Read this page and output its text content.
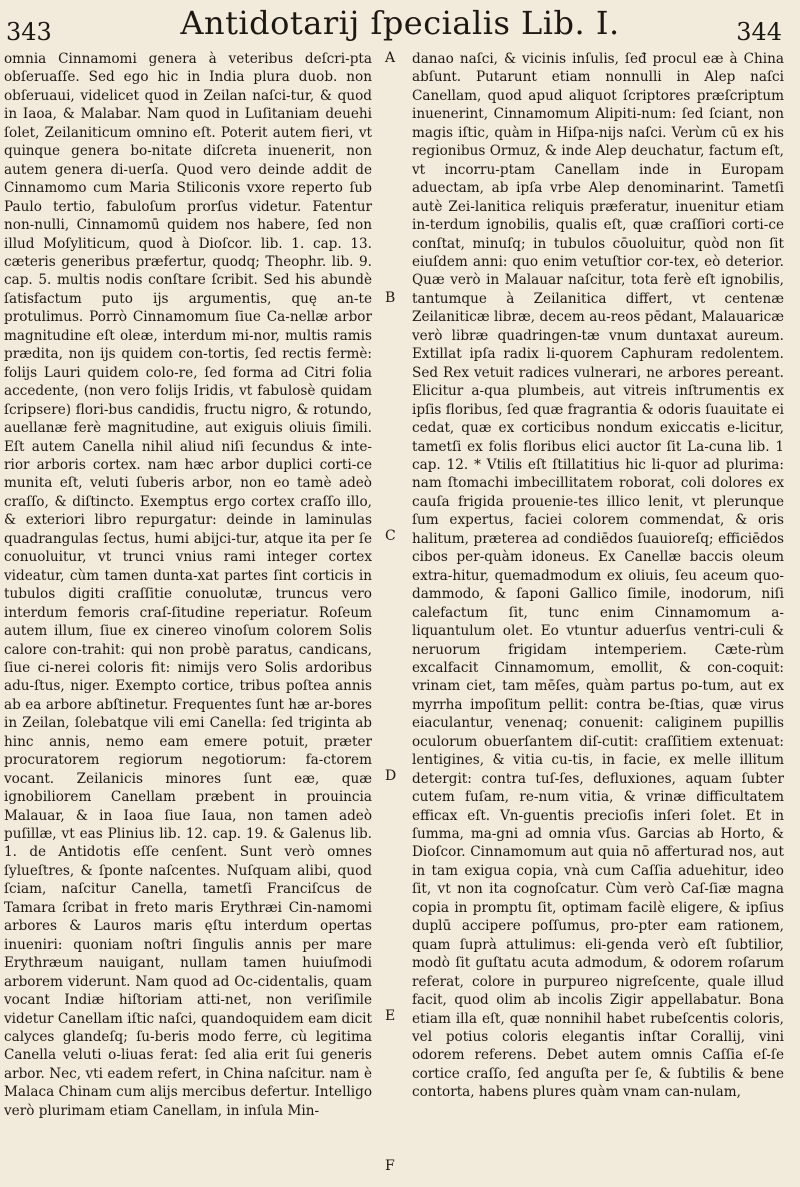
343	Antidotarij ſpecialis Lib. I.	344

omnia Cinnamomi genera à veteribus deſcri-pta obſeruaſſe. Sed ego hic in India plura duob. non obſeruaui, videlicet quod in Zeilan naſci-tur, & quod in Iaoa, & Malabar. Nam quod in Luſitaniam deuehi ſolet, Zeilaniticum omnino eſt. Poterit autem fieri, vt quinque genera bo-nitate diſcreta inuenerit, non autem genera di-uerſa. Quod vero deinde addit de Cinnamomo cum Maria Stiliconis vxore reperto ſub Paulo tertio, fabuloſum prorſus videtur. Fatentur non-nulli, Cinnamomū quidem nos habere, ſed non illud Moſyliticum, quod à Dioſcor. lib. 1. cap. 13. cæteris generibus præfertur, quodq; Theophr. lib. 9. cap. 5. multis nodis conſtare ſcribit. Sed his abundè ſatisfactum puto ijs argumentis, quę an-te protulimus. Porrò Cinnamomum ſiue Ca-nellæ arbor magnitudine eſt oleæ, interdum mi-nor, multis ramis prædita, non ijs quidem con-tortis, ſed rectis fermè: folijs Lauri quidem colo-re, ſed forma ad Citri folia accedente, (non vero folijs Iridis, vt fabulosè quidam ſcripsere) flori-bus candidis, fructu nigro, & rotundo, auellanæ ferè magnitudine, aut exiguis oliuis ſimili. Eſt autem Canella nihil aliud niſi ſecundus & inte-rior arboris cortex. nam hæc arbor duplici corti-ce munita eſt, veluti ſuberis arbor, non eo tamè adeò craſſo, & diſtincto. Exemptus ergo cortex craſſo illo, & exteriori libro repurgatur: deinde in laminulas quadrangulas ſectus, humi abijci-tur, atque ita per ſe conuoluitur, vt trunci vnius rami integer cortex videatur, cùm tamen dunta-xat partes ſint corticis in tubulos digiti craſſitie conuolutæ, truncus vero interdum femoris craſ-ſitudine reperiatur. Roſeum autem illum, ſiue ex cinereo vinoſum colorem Solis calore con-trahit: qui non probè paratus, candicans, ſiue ci-nerei coloris fit: nimijs vero Solis ardoribus adu-ſtus, niger. Exempto cortice, tribus poſtea annis ab ea arbore abſtinetur. Frequentes ſunt hæ ar-bores in Zeilan, ſolebatque vili emi Canella: ſed triginta ab hinc annis, nemo eam emere potuit, præter procuratorem regiorum negotiorum: fa-ctorem vocant. Zeilanicis minores ſunt eæ, quæ ignobiliorem Canellam præbent in prouincia Malauar, & in Iaoa ſiue Iaua, non tamen adeò puſillæ, vt eas Plinius lib. 12. cap. 19. & Galenus lib. 1. de Antidotis eſſe cenſent. Sunt verò omnes ſylueſtres, & ſponte naſcentes. Nuſquam alibi, quod ſciam, naſcitur Canella, tametſi Franciſcus de Tamara ſcribat in freto maris Erythræi Cin-namomi arbores & Lauros maris ęſtu interdum opertas inueniri: quoniam noſtri ſingulis annis per mare Erythræum nauigant, nullam tamen huiuſmodi arborem viderunt. Nam quod ad Oc-cidentalis, quam vocant Indiæ hiſtoriam atti-net, non veriſimile videtur Canellam iſtic naſci, quandoquidem eam dicit calyces glandeſq; ſu-beris modo ferre, cù legitima Canella veluti o-liuas ferat: ſed alia erit ſui generis arbor. Nec, vti eadem refert, in China naſcitur. nam è Malaca Chinam cum alijs mercibus defertur. Intelligo verò plurimam etiam Canellam, in inſula Min-

A
B
C
D
E
F

danao naſci, & vicinis inſulis, ſeđ procul eæ à China abſunt. Putarunt etiam nonnulli in Alep naſci Canellam, quod apud aliquot ſcriptores præſcriptum inuenerint, Cinnamomum Alipiti-num: ſed ſciant, non magis iſtic, quàm in Hiſpa-nijs naſci. Verùm cū ex his regionibus Ormuz, & inde Alep deuchatur, factum eſt, vt incorru-ptam Canellam inde in Europam aduectam, ab ipſa vrbe Alep denominarint. Tametſi autè Zei-lanitica reliquis præferatur, inuenitur etiam in-terdum ignobilis, qualis eſt, quæ craſſiori corti-ce conſtat, minuſq; in tubulos cōuoluitur, quòd non ſit eiuſdem anni: quo enim vetuſtior cor-tex, eò deterior. Quæ verò in Malauar naſcitur, tota ferè eſt ignobilis, tantumque à Zeilanitica differt, vt centenæ Zeilaniticæ libræ, decem au-reos pēdant, Malauaricæ verò libræ quadringen-tæ vnum duntaxat aureum. Extillat ipſa radix li-quorem Caphuram redolentem. Sed Rex vetuit radices vulnerari, ne arbores pereant. Elicitur a-qua plumbeis, aut vitreis inſtrumentis ex ipſis floribus, ſed quæ fragrantia & odoris ſuauitate ei cedat, quæ ex corticibus nondum exiccatis e-licitur, tametſi ex folis floribus elici auctor ſit La-cuna lib. 1 cap. 12. * Vtilis eſt ſtillatitius hic li-quor ad plurima: nam ſtomachi imbecillitatem roborat, coli dolores ex cauſa frigida prouenie-tes illico lenit, vt plerunque ſum expertus, faciei colorem commendat, & oris halitum, præterea ad condiēdos ſuauioreſq; efficiēdos cibos per-quàm idoneus. Ex Canellæ baccis oleum extra-hitur, quemadmodum ex oliuis, ſeu aceum quo-dammodo, & ſaponi Gallico ſimile, inodorum, niſi calefactum ſit, tunc enim Cinnamomum a-liquantulum olet. Eo vtuntur aduerſus ventri-culi & neruorum frigidam intemperiem. Cæte-rùm excalfacit Cinnamomum, emollit, & con-coquit: vrinam ciet, tam mēſes, quàm partus po-tum, aut ex myrrha impoſitum pellit: contra be-ſtias, quæ virus eiaculantur, venenaq; conuenit: caliginem pupillis oculorum obuerſantem diſ-cutit: craſſitiem extenuat: lentigines, & vitia cu-tis, in facie, ex melle illitum detergit: contra tuſ-ſes, defluxiones, aquam ſubter cutem fuſam, re-num vitia, & vrinæ difficultatem efficax eſt. Vn-guentis precioſis inſeri ſolet. Et in ſumma, ma-gni ad omnia vſus. Garcias ab Horto, & Dioſcor. Cinnamomum aut quia nō afferturad nos, aut in tam exigua copia, vnà cum Caſſia aduehitur, ideo ſit, vt non ita cognoſcatur. Cùm verò Caſ-ſiæ magna copia in promptu ſit, optimam facilè eligere, & ipſius duplū accipere poſſumus, pro-pter eam rationem, quam ſuprà attulimus: eli-genda verò eſt ſubtilior, modò ſit guſtatu acuta admodum, & odorem roſarum referat, colore in purpureo nigreſcente, quale illud facit, quod olim ab incolis Zigir appellabatur. Bona etiam illa eſt, quæ nonnihil habet rubeſcentis coloris, vel potius coloris elegantis inſtar Corallij, vini odorem referens. Debet autem omnis Caſſia eſ-ſe cortice craſſo, ſed anguſta per ſe, & ſubtilis & bene contorta, habens plures quàm vnam can-nulam,
